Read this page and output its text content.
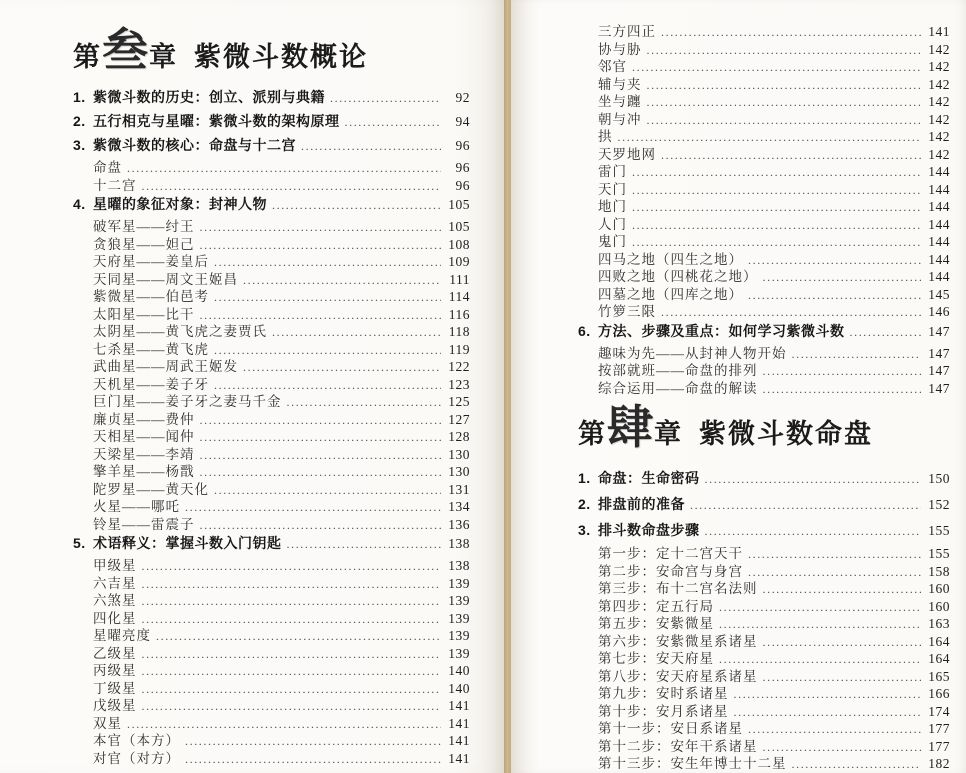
第 叁 章 紫微斗数概论
1. 紫微斗数的历史：创立、派别与典籍 .....	92
2. 五行相克与星曜：紫微斗数的架构原理 .....	94
3. 紫微斗数的核心：命盘与十二宫 .....	96
命盘 .....	96
十二宫 .....	96
4. 星曜的象征对象：封神人物 .....	105
破军星——纣王 .....	105
贪狼星——妲己 .....	108
天府星——姜皇后 .....	109
天同星——周文王姬昌 .....	111
紫微星——伯邑考 .....	114
太阳星——比干 .....	116
太阴星——黄飞虎之妻贾氏 .....	118
七杀星——黄飞虎 .....	119
武曲星——周武王姬发 .....	122
天机星——姜子牙 .....	123
巨门星——姜子牙之妻马千金 .....	125
廉贞星——费仲 .....	127
天相星——闻仲 .....	128
天梁星——李靖 .....	130
擎羊星——杨戬 .....	130
陀罗星——黄天化 .....	131
火星——哪吒 .....	134
铃星——雷震子 .....	136
5. 术语释义：掌握斗数入门钥匙 .....	138
甲级星 .....	138
六吉星 .....	139
六煞星 .....	139
四化星 .....	139
星曜亮度 .....	139
乙级星 .....	139
丙级星 .....	140
丁级星 .....	140
戊级星 .....	141
双星 .....	141
本官（本方） .....	141
对官（对方） .....	141
三方四正 .....	141
协与胁 .....	142
邻官 .....	142
辅与夹 .....	142
坐与躔 .....	142
朝与冲 .....	142
拱 .....	142
天罗地网 .....	142
雷门 .....	144
天门 .....	144
地门 .....	144
人门 .....	144
鬼门 .....	144
四马之地（四生之地） .....	144
四败之地（四桃花之地） .....	144
四墓之地（四库之地） .....	145
竹箩三限 .....	146
6. 方法、步骤及重点：如何学习紫微斗数 .....	147
趣味为先——从封神人物开始 .....	147
按部就班——命盘的排列 .....	147
综合运用——命盘的解读 .....	147
第 肆 章 紫微斗数命盘
1. 命盘：生命密码 .....	150
2. 排盘前的准备 .....	152
3. 排斗数命盘步骤 .....	155
第一步：定十二宫天干 .....	155
第二步：安命宫与身宫 .....	158
第三步：布十二宫名法则 .....	160
第四步：定五行局 .....	160
第五步：安紫微星 .....	163
第六步：安紫微星系诸星 .....	164
第七步：安天府星 .....	164
第八步：安天府星系诸星 .....	165
第九步：安时系诸星 .....	166
第十步：安月系诸星 .....	174
第十一步：安日系诸星 .....	177
第十二步：安年干系诸星 .....	177
第十三步：安生年博士十二星 .....	182
